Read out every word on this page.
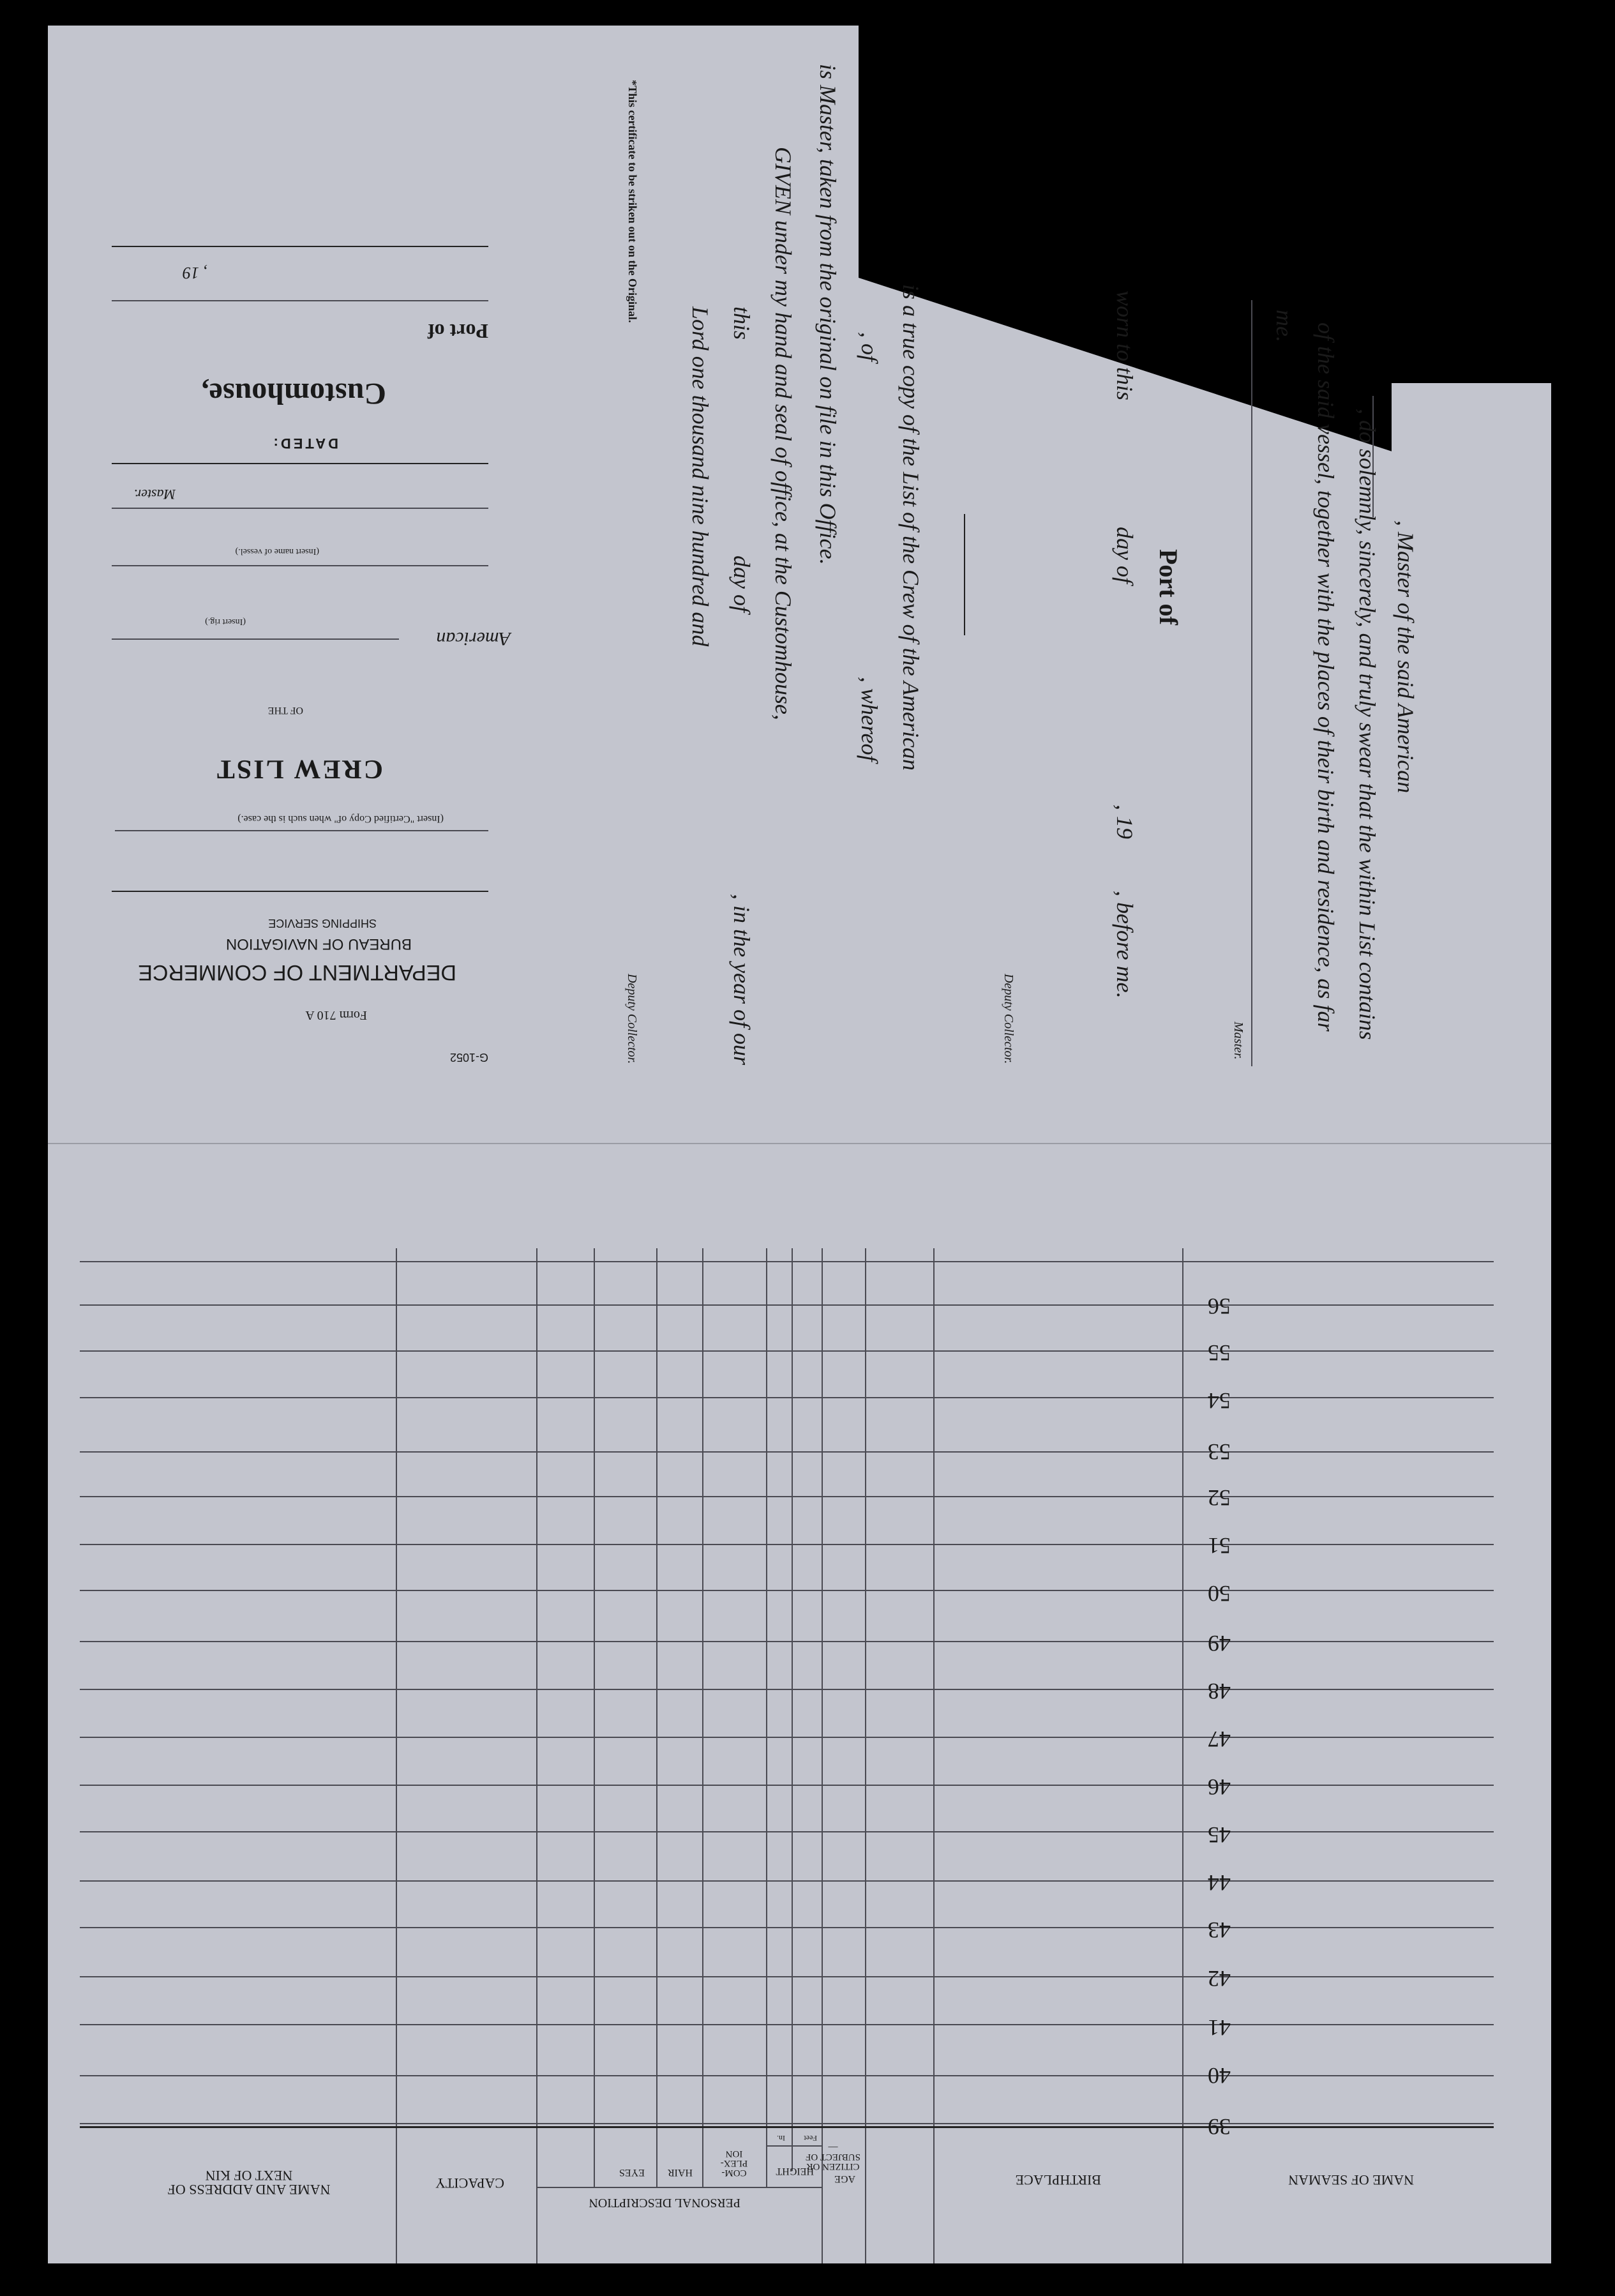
G-1052
Form 710 A
DEPARTMENT OF COMMERCE
BUREAU OF NAVIGATION
SHIPPING SERVICE
(Insert "Certified Copy of" when such is the case.)
CREW LIST
OF THE
American
(Insert rig.)
(Insert name of vessel.)
Master.
DATED:
Customhouse,
Port of
, 19	*This certificate to be striken out on the Original.
, Master of the said American
, do solemnly, sincerely, and truly swear that the within List contains
of the said vessel, together with the places of their birth and residence, as far
me.
Master.
Port of
worn to this
day of
, 19
, before me.
Deputy Collector.
is a true copy of the List of the Crew of the American
, of
, whereof
is Master, taken from the original on file in this Office.
GIVEN under my hand and seal of office, at the Customhouse,
this
day of
, in the year of our
Lord one thousand nine hundred and
Deputy Collector.
39
40
41
42
43
44
45
46
47
48
49
50
51
52
53
54
55
56
NAME OF SEAMAN
BIRTHPLACE
CITIZEN OR SUBJECT OF—
AGE
HEIGHT
Feet
In.
COM- PLEX- ION
HAIR
EYES
PERSONAL DESCRIPTION
CAPACITY
NAME AND ADDRESS OF NEXT OF KIN
